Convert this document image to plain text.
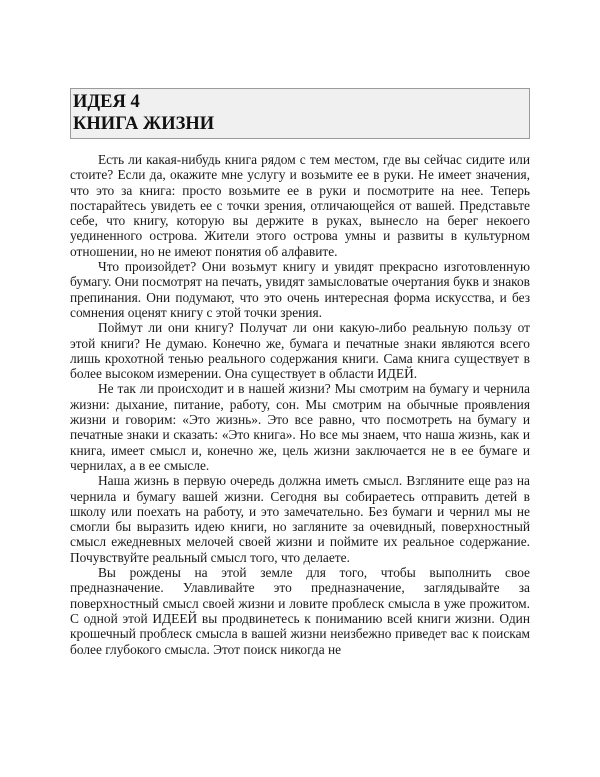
ИДЕЯ 4
КНИГА ЖИЗНИ

Есть ли какая-нибудь книга рядом с тем местом, где вы сейчас сидите или стоите? Если да, окажите мне услугу и возьмите ее в руки. Не имеет значения, что это за книга: просто возьмите ее в руки и посмотрите на нее. Теперь постарайтесь увидеть ее с точки зрения, отличающейся от вашей. Представьте себе, что книгу, которую вы держите в руках, вынесло на берег некоего уединенного острова. Жители этого острова умны и развиты в культурном отношении, но не имеют понятия об алфавите.

Что произойдет? Они возьмут книгу и увидят прекрасно изготовленную бумагу. Они посмотрят на печать, увидят замысловатые очертания букв и знаков препинания. Они подумают, что это очень интересная форма искусства, и без сомнения оценят книгу с этой точки зрения.

Поймут ли они книгу? Получат ли они какую-либо реальную пользу от этой книги? Не думаю. Конечно же, бумага и печатные знаки являются всего лишь крохотной тенью реального содержания книги. Сама книга существует в более высоком измерении. Она существует в области ИДЕЙ.

Не так ли происходит и в нашей жизни? Мы смотрим на бумагу и чернила жизни: дыхание, питание, работу, сон. Мы смотрим на обычные проявления жизни и говорим: «Это жизнь». Это все равно, что посмотреть на бумагу и печатные знаки и сказать: «Это книга». Но все мы знаем, что наша жизнь, как и книга, имеет смысл и, конечно же, цель жизни заключается не в ее бумаге и чернилах, а в ее смысле.

Наша жизнь в первую очередь должна иметь смысл. Взгляните еще раз на чернила и бумагу вашей жизни. Сегодня вы собираетесь отправить детей в школу или поехать на работу, и это замечательно. Без бумаги и чернил мы не смогли бы выразить идею книги, но загляните за очевидный, поверхностный смысл ежедневных мелочей своей жизни и поймите их реальное содержание. Почувствуйте реальный смысл того, что делаете.

Вы рождены на этой земле для того, чтобы выполнить свое предназначение. Улавливайте это предназначение, заглядывайте за поверхностный смысл своей жизни и ловите проблеск смысла в уже прожитом. С одной этой ИДЕЕЙ вы продвинетесь к пониманию всей книги жизни. Один крошечный проблеск смысла в вашей жизни неизбежно приведет вас к поискам более глубокого смысла. Этот поиск никогда не
